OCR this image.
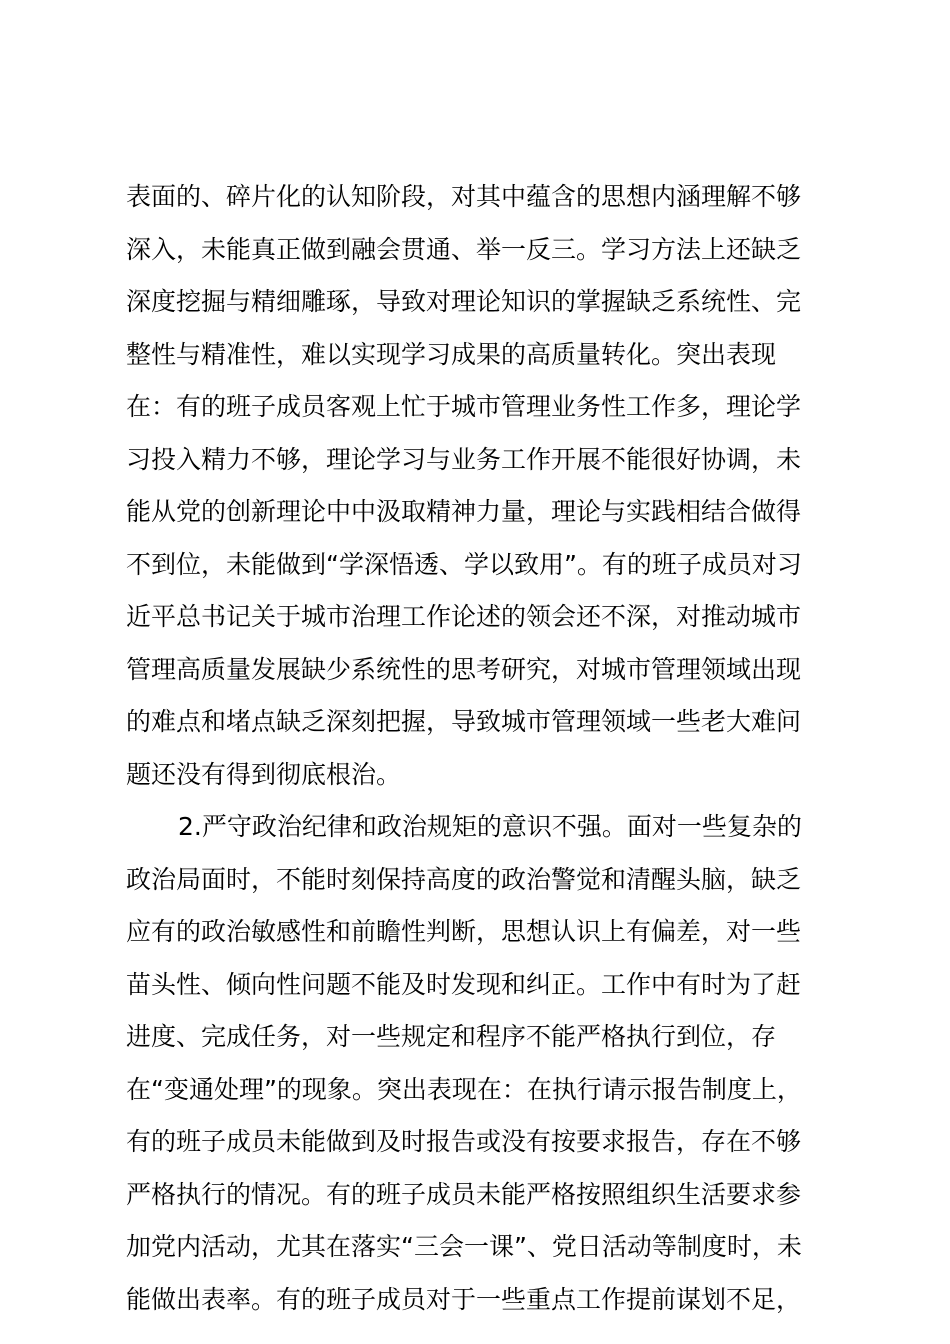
表面的、碎片化的认知阶段，对其中蕴含的思想内涵理解不够
深入，未能真正做到融会贯通、举一反三。学习方法上还缺乏
深度挖掘与精细雕琢，导致对理论知识的掌握缺乏系统性、完
整性与精准性，难以实现学习成果的高质量转化。突出表现
在：有的班子成员客观上忙于城市管理业务性工作多，理论学
习投入精力不够，理论学习与业务工作开展不能很好协调，未
能从党的创新理论中中汲取精神力量，理论与实践相结合做得
不到位，未能做到“学深悟透、学以致用”。有的班子成员对习
近平总书记关于城市治理工作论述的领会还不深，对推动城市
管理高质量发展缺少系统性的思考研究，对城市管理领域出现
的难点和堵点缺乏深刻把握，导致城市管理领域一些老大难问
题还没有得到彻底根治。
2.严守政治纪律和政治规矩的意识不强。面对一些复杂的
政治局面时，不能时刻保持高度的政治警觉和清醒头脑，缺乏
应有的政治敏感性和前瞻性判断，思想认识上有偏差，对一些
苗头性、倾向性问题不能及时发现和纠正。工作中有时为了赶
进度、完成任务，对一些规定和程序不能严格执行到位，存
在“变通处理”的现象。突出表现在：在执行请示报告制度上，
有的班子成员未能做到及时报告或没有按要求报告，存在不够
严格执行的情况。有的班子成员未能严格按照组织生活要求参
加党内活动，尤其在落实“三会一课”、党日活动等制度时，未
能做出表率。有的班子成员对于一些重点工作提前谋划不足，
